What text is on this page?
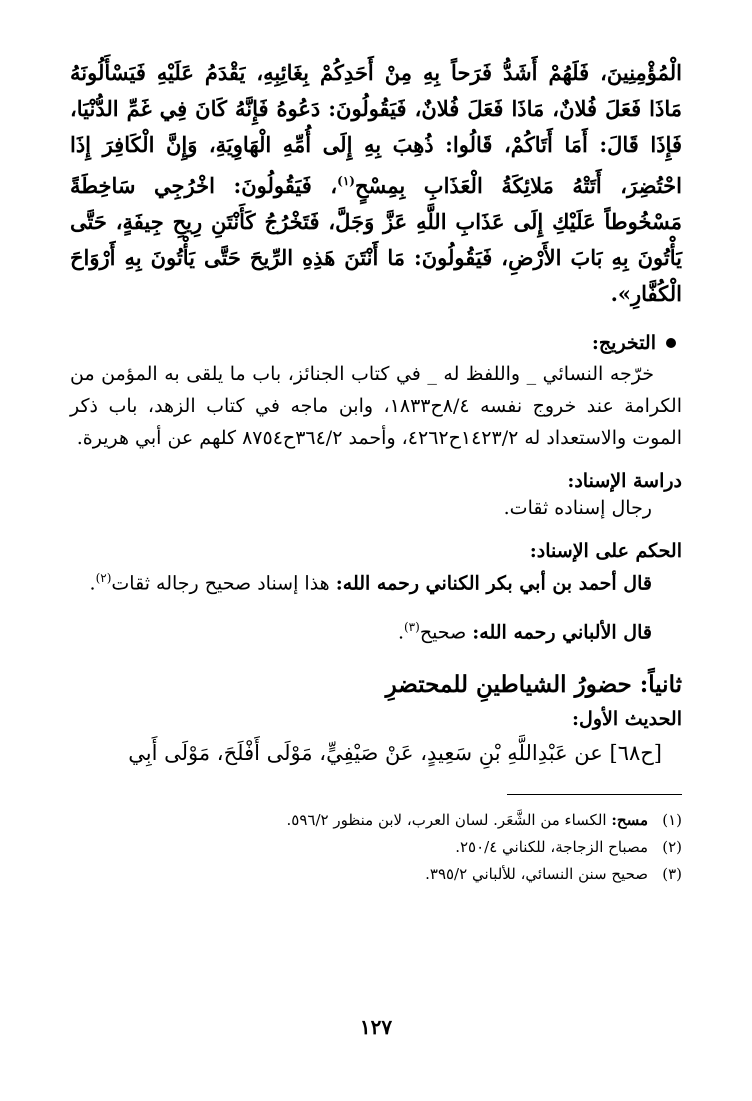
الْمُؤْمِنِينَ، فَلَهُمْ أَشَدُّ فَرَحاً بِهِ مِنْ أَحَدِكُمْ بِغَائِبِهِ، يَقْدَمُ عَلَيْهِ فَيَسْأَلُونَهُ مَاذَا فَعَلَ فُلانٌ، مَاذَا فَعَلَ فُلانٌ، فَيَقُولُونَ: دَعُوهُ فَإِنَّهُ كَانَ فِي غَمِّ الدُّنْيَا، فَإِذَا قَالَ: أَمَا أَتَاكُمْ، قَالُوا: ذُهِبَ بِهِ إِلَى أُمِّهِ الْهَاوِيَةِ، وَإِنَّ الْكَافِرَ إِذَا احْتُضِرَ، أَتَتْهُ مَلائِكَةُ الْعَذَابِ بِمِسْحٍ$^{(١)}$، فَيَقُولُونَ: اخْرُجِي سَاخِطَةً مَسْخُوطاً عَلَيْكِ إِلَى عَذَابِ اللَّهِ عَزَّ وَجَلَّ، فَتَخْرُجُ كَأَنْتَنِ رِيحِ جِيفَةٍ، حَتَّى يَأْتُونَ بِهِ بَابَ الأَرْضِ، فَيَقُولُونَ: مَا أَنْتَنَ هَذِهِ الرِّيحَ حَتَّى يَأْتُونَ بِهِ أَرْوَاحَ الْكُفَّارِ».

التخريج:

خرّجه النسائي _ واللفظ له _ في كتاب الجنائز، باب ما يلقى به المؤمن من الكرامة عند خروج نفسه ٨/٤ح١٨٣٣، وابن ماجه في كتاب الزهد، باب ذكر الموت والاستعداد له ١٤٢٣/٢ح٤٢٦٢، وأحمد ٣٦٤/٢ح٨٧٥٤ كلهم عن أبي هريرة.

دراسة الإسناد:
رجال إسناده ثقات.
الحكم على الإسناد:
قال أحمد بن أبي بكر الكناني رحمه الله: هذا إسناد صحيح رجاله ثقات$^{(٢)}$.
قال الألباني رحمه الله: صحيح$^{(٣)}$.
ثانياً: حضورُ الشياطينِ للمحتضرِ
الحديث الأول:
[ح٦٨] عن عَبْدِاللَّهِ بْنِ سَعِيدٍ، عَنْ صَيْفِيٍّ، مَوْلَى أَفْلَحَ، مَوْلَى أَبِي
(١)
مسح: الكساء من الشَّعَر. لسان العرب، لابن منظور ٥٩٦/٢.
(٢)
مصباح الزجاجة، للكناني ٢٥٠/٤.
(٣)
صحيح سنن النسائي، للألباني ٣٩٥/٢.
١٢٧
